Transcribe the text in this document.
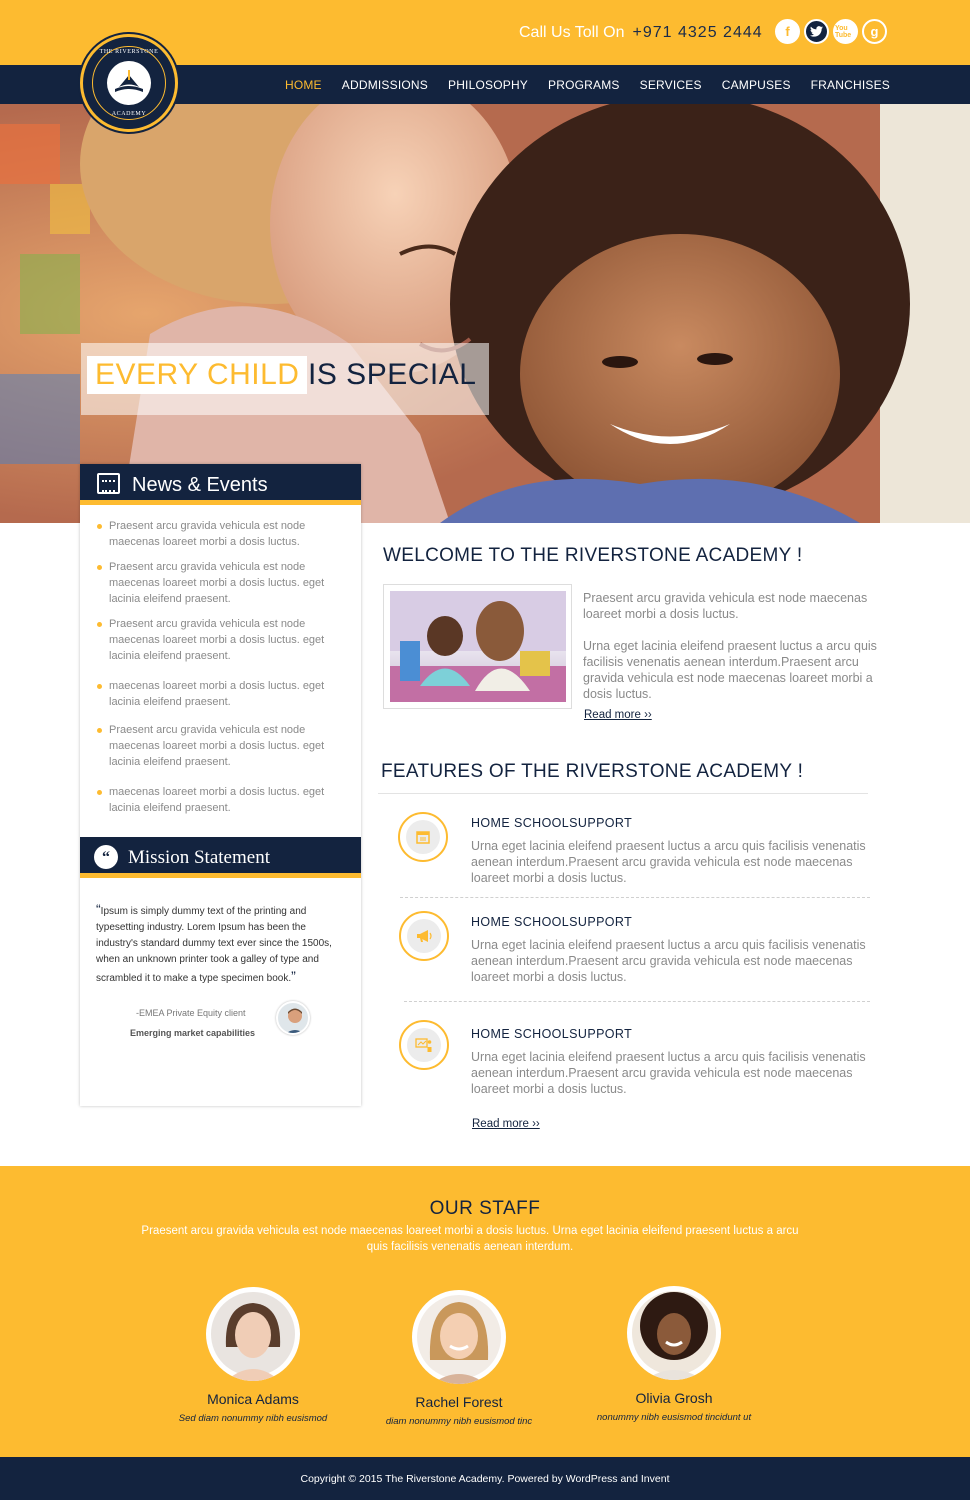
Call Us Toll On +971 4325 2444	f	You Tube	g
HOME ADDMISSIONS PHILOSOPHY PROGRAMS SERVICES CAMPUSES FRANCHISES
THE RIVERSTONE
ACADEMY
EVERY CHILD IS SPECIAL
News & Events
Praesent arcu gravida vehicula est node maecenas loareet morbi a dosis luctus.
Praesent arcu gravida vehicula est node maecenas loareet morbi a dosis luctus. eget lacinia eleifend praesent.
Praesent arcu gravida vehicula est node maecenas loareet morbi a dosis luctus. eget lacinia eleifend praesent.
maecenas loareet morbi a dosis luctus. eget lacinia eleifend praesent.
Praesent arcu gravida vehicula est node maecenas loareet morbi a dosis luctus. eget lacinia eleifend praesent.
maecenas loareet morbi a dosis luctus. eget lacinia eleifend praesent.
“ Mission Statement
“Ipsum is simply dummy text of the printing and typesetting industry. Lorem Ipsum has been the industry's standard dummy text ever since the 1500s, when an unknown printer took a galley of type and scrambled it to make a type specimen book.”
-EMEA Private Equity client
Emerging market capabilities
WELCOME TO THE RIVERSTONE ACADEMY !
Praesent arcu gravida vehicula est node maecenas loareet morbi a dosis luctus.
Urna eget lacinia eleifend praesent luctus a arcu quis facilisis venenatis aenean interdum.Praesent arcu gravida vehicula est node maecenas loareet morbi a dosis luctus.
Read more ››
FEATURES OF THE RIVERSTONE ACADEMY !
HOME SCHOOLSUPPORT
Urna eget lacinia eleifend praesent luctus a arcu quis facilisis venenatis aenean interdum.Praesent arcu gravida vehicula est node maecenas loareet morbi a dosis luctus.
HOME SCHOOLSUPPORT
Urna eget lacinia eleifend praesent luctus a arcu quis facilisis venenatis aenean interdum.Praesent arcu gravida vehicula est node maecenas loareet morbi a dosis luctus.
HOME SCHOOLSUPPORT
Urna eget lacinia eleifend praesent luctus a arcu quis facilisis venenatis aenean interdum.Praesent arcu gravida vehicula est node maecenas loareet morbi a dosis luctus.
Read more ››
OUR STAFF
Praesent arcu gravida vehicula est node maecenas loareet morbi a dosis luctus. Urna eget lacinia eleifend praesent luctus a arcu quis facilisis venenatis aenean interdum.
Monica Adams
Sed diam nonummy nibh eusismod
Rachel Forest
diam nonummy nibh eusismod tinc
Olivia Grosh
nonummy nibh eusismod tincidunt ut
Copyright © 2015 The Riverstone Academy. Powered by WordPress and Invent
